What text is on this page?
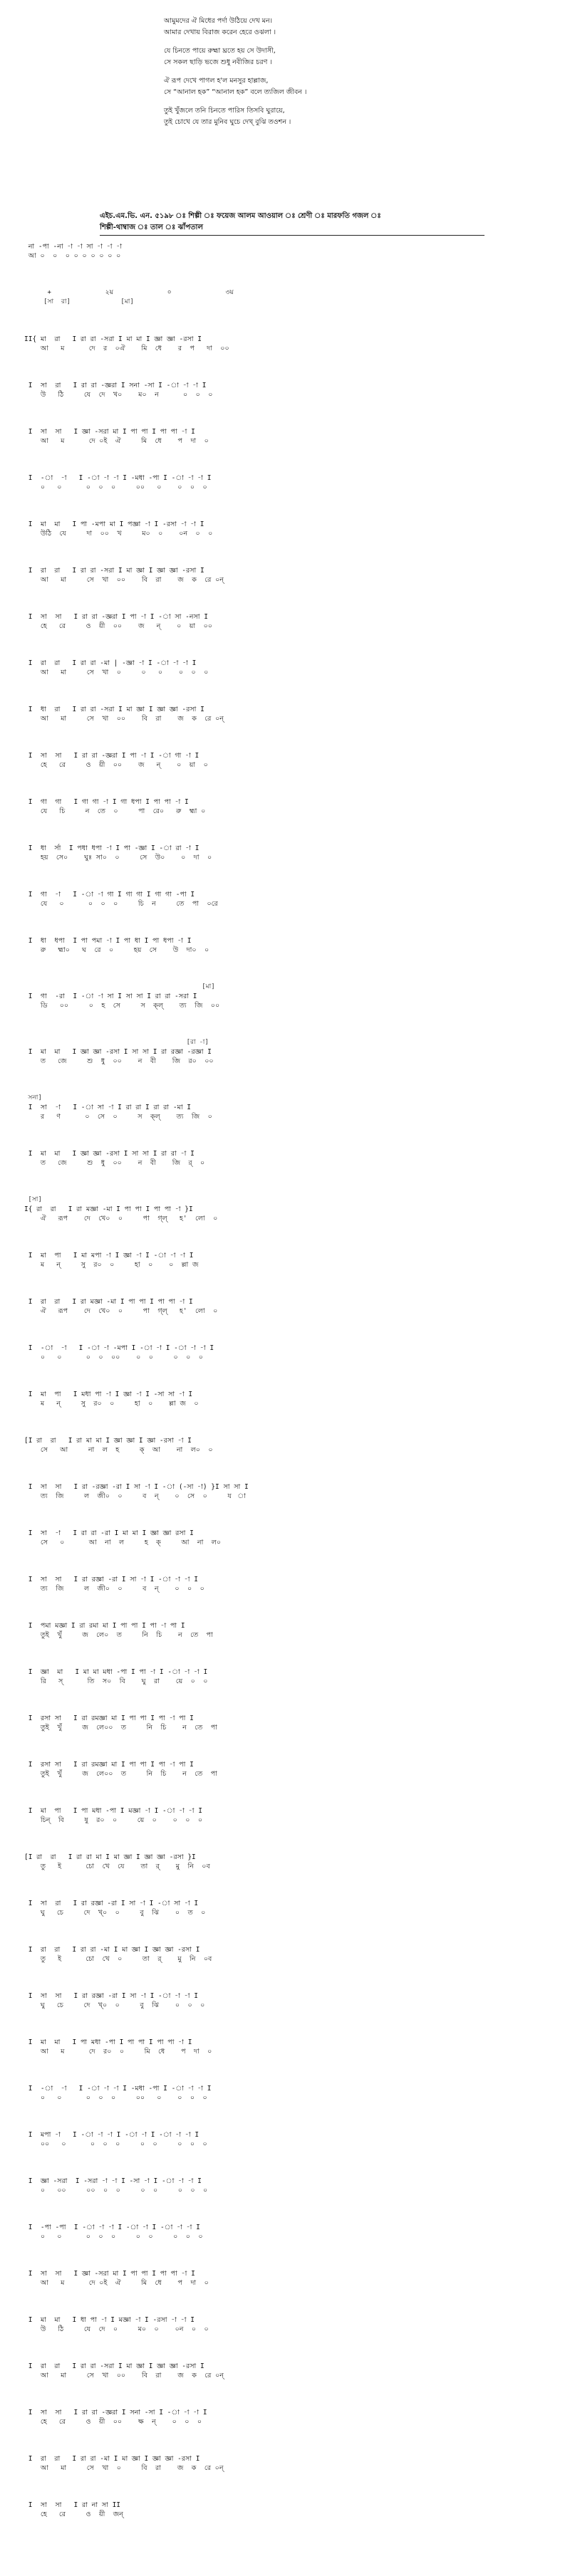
আমুমদের ঐ মিধের পর্দা উঠিয়ে দেখ মন।
আমার দেখায় বিরাজ করেন হেরে ওঝলা ।
যে চিনতে পায়ে রুহ্মা ঘ্রতে হয় সে উদাসী,
সে সকল ছাড়ি ভজে শুধু নবীজির চরণ ।
ঐ রূপ দেখে পাগল হ'ল মনসুর হাল্লাজ,
সে “আনাল হক” “আনাল হক” বলে ত্যজিল জীবন ।
তুই খুঁজলে তনি চিনতে পারিস তিসবি ঘুরায়ে,
তুই চোখে যে তার মুনিব ঘুচে দেখ্ বুঝি তওশন ।
এইচ.এম.ভি. এন. ৫১৯৮ ঃ শিল্পী ঃ ফয়েজ আলম আওয়াল ঃ শ্রেণী ঃ মারফতি গজল ঃ
শিল্পী-থাম্বাজ ঃ তাল ঃ ঝাঁপতাল
না -পা -না -া -া সা -া -া -া
আ ০  ০  ০ ০ ০ ০ ০ ০ ০
+              ২য়              ০              ৩য়
[সা  রা]             [মা]
II{ মা  রা   I রা রা -সরা I মা মা I জ্ঞা জ্ঞা -রসা I
আ   ম      দে  র  ০ঐ    মি  ধে    র  প   দা  ০০
I  সা  রা   I রা রা -জ্ঞরা I সনা -সা I -া -া -া I
উ   ঠি     যে  দে  খ০    ম০  ন      ০  ০  ০
I  সা  সা   I জ্ঞা -সরা মা I পা পা I পা পা -া I
আ   ম      দে ০ই  ঐ     মি  ধে    প  দা  ০
I  -া  -া   I -া -া -া I -মধা -পা I -া -া -া I
০   ০      ০  ০  ০     ০০   ০    ০  ০  ০
I  মা  মা   I পা -মপা মা I পজ্ঞা -া I -রসা -া -া I
উঠি  যে     দা  ০০  খ     ম০  ০    ০ন  ০  ০
I  রা  রা   I রা রা -সরা I মা জ্ঞা I জ্ঞা জ্ঞা -রসা I
আ   মা     সে  খা  ০০    বি  রা    জ  ক  রে ০ন্
I  সা  সা   I রা রা -জ্ঞরা I পা -া I -া সা -নসা I
হে   রে     ও  য়ী  ০০    জ   ন্    ০  য়া  ০০
I  রা  রা   I রা রা -মা | -জ্ঞা -া I -া -া -া I
আ   মা     সে  খা  ০     ০   ০    ০  ০  ০
I  ধা  রা   I রা রা -সরা I মা জ্ঞা I জ্ঞা জ্ঞা -রসা I
আ   মা     সে  খা  ০০    বি  রা    জ  ক  রে ০ন্
I  সা  সা   I রা রা -জ্ঞরা I পা -া I -া গা -া I
হে   রে     ও  য়ী  ০০    জ   ন্    ০  য়া  ০
I  গা  গা   I গা গা -া I গা ধপা I পা পা -া I
যে   চি     ন  তে  ০     পা  রে০   রু  হ্মা ০
I  ধা  র্সা  I পধা ধপা -া I পা -জ্ঞা I -া রা -া I
হয়  সে০    ঘুঃ সা০  ০     সে  উ০    ০  দা  ০
I  গা  -া   I -া -া গা I গা গা I গা গা -পা I
যে   ০      ০  ০  ০     চি  ন     তে  পা  ০রে
I  ধা  ধপা  I পা পমা -া I পা ধা I পা ধপা -া I
রু   হ্মা০   ঘ  রে  ০     হয়  সে    উ  দা০  ০
[মা]
I  গা  -রা  I -া -া সা I সা সা I রা রা -সরা I
ডি   ০০     ০  হ  সে     স  ক্ল্    ত্য  জি  ০০
[রা -া]
I  মা  মা   I জ্ঞা জ্ঞা -রসা I সা সা I রা রজ্ঞা -রজ্ঞা I
ত   জে     শু  ধু  ০০    ন  বী    জি  র০  ০০
সনা]
I  সা  -া   I -া সা -া I রা রা I রা রা -মা I
র   ণ      ০  সে  ০     স  ক্ল্    ত্য  জি  ০
I  মা  মা   I জ্ঞা জ্ঞা -রসা I সা সা I রা রা -া I
ত   জে     শু  ধু  ০০    ন  বী    জি  র্  ০
[সা]
I{ রা  রা   I রা মজ্ঞা -মা I পা পা I পা পা -া }I
ঐ   রূপ    দে  খে০  ০     পা  গ্ল্   হ'  লো  ০
I  মা  পা   I মা মপা -া I জ্ঞা -া I -া -া -া I
ম   ন্     সু  র০  ০     হা  ০    ০  ল্লা জ
I  রা  রা   I রা মজ্ঞা -মা I পা পা I পা পা -া I
ঐ   রূপ    দে  খে০  ০     পা  গ্ল্   হ'  লো  ০
I  -া  -া   I -া -া -মপা I -া -া I -া -া -া I
০   ০      ০  ০  ০০    ০  ০     ০  ০  ০
I  মা  পা   I মধা পা -া I জ্ঞা -া I -সা সা -া I
ম   ন্     সু  র০  ০     হা  ০    ল্লা জ  ০
[I রা  রা   I রা মা মা I জ্ঞা জ্ঞা I জ্ঞা -রসা -া I
সে   আ     না  ল  হ     ক্  আ    না  ল০  ০
I  সা  সা   I রা -রজ্ঞা -রা I সা -া I -া (-সা -া) }I সা সা I
ত্য  জি     ল  জী০  ০     ব  ন্    ০  সে  ০     য  া
I  সা  -া   I রা রা -রা I মা মা I জ্ঞা জ্ঞা রসা I
সে   ০      আ  না  ল     হ  ক্     আ  না  ল০
I  সা  সা   I রা রজ্ঞা -রা I সা -া I -া -া -া I
ত্য  জি     ল  জী০  ০     ব  ন্    ০  ০  ০
I  পমা মজ্ঞা I রা রমা মা I পা পা I পা -া পা I
তুই  খুঁ     জ  লে০  ত     নি  চি    ন  তে  পা
I  জ্ঞা  মা   I মা মা মধা -পা I পা -া I -া -া -া I
রি   স্      তি  স০  বি    ঘু  রা    য়ে  ০  ০
I  রসা সা   I রা রমজ্ঞা মা I পা পা I পা -া পা I
তুই  খুঁ     জ  লে০০  ত     নি  চি    ন  তে  পা
I  রসা সা   I রা রমজ্ঞা মা I পা পা I পা -া পা I
তুই  খুঁ     জ  লে০০  ত     নি  চি    ন  তে  পা
I  মা  পা   I পা মধা -পা I মজ্ঞা -া I -া -া -া I
চিন্  বি     ষু  র০  ০     য়ে  ০    ০  ০  ০
[I রা  রা   I রা রা মা I মা জ্ঞা I জ্ঞা জ্ঞা -রসা }I
তু   ই      চো  খে  যে    তা  র্    মু  নি  ০ব
I  সা  রা   I রা রজ্ঞা -রা I সা -া I -া সা -া I
ঘু   চে     দে  খ্০  ০     বু  ঝি    ০  ত  ০
I  রা  রা   I রা রা -মা I মা জ্ঞা I জ্ঞা জ্ঞা -রসা I
তু   ই      চো  খে  ০     তা  র্    মু  নি  ০ব
I  সা  সা   I রা রজ্ঞা -রা I সা -া I -া -া -া I
ঘু   চে     দে  খ্০  ০     বু  ঝি    ০  ০  ০
I  মা  মা   I পা মধা -পা I পা পা I পা পা -া I
আ   ম      দে  র০  ০     মি  ধে    প  দা  ০
I  -া  -া   I -া -া -া I -মধা -পা I -া -া -া I
০   ০      ০  ০  ০     ০০   ০    ০  ০  ০
I  মপা -া   I -া -া -া I -া -া I -া -া -া I
০০   ০      ০  ০  ০     ০  ০     ০  ০  ০
I  জ্ঞা -সরা  I -সরা -া -া I -সা -া I -া -া -া I
০   ০০     ০০  ০  ০     ০  ০     ০  ০  ০
I  -পা -পা  I -া -া -া I -া -া I -া -া -া I
০   ০      ০  ০  ০     ০  ০     ০  ০  ০
I  সা  সা   I জ্ঞা -সরা মা I পা পা I পা পা -া I
আ   ম      দে ০ই  ঐ     মি  ধে    প  দা  ০
I  মা  মা   I ধা পা -া I মজ্ঞা -া I -রসা -া -া I
উ   ঠি     যে  দে  ০     ম০  ০    ০ন  ০  ০
I  রা  রা   I রা রা -সরা I মা জ্ঞা I জ্ঞা জ্ঞা -রসা I
আ   মা     সে  খা  ০০    বি  রা    জ  ক  রে ০ন্
I  সা  সা   I রা রা -জ্ঞরা I সনা -সা I -া -া -া I
হে   রে     ও  য়ী  ০০    ক্ষ  ন্    ০  ০  ০
I  রা  রা   I রা রা -মা I মা জ্ঞা I জ্ঞা জ্ঞা -রসা I
আ   মা     সে  খা  ০     বি  রা    জ  ক  রে ০ন্
I  সা  সা   I রা না সা II
হে   রে     ও  য়ী  জন্
